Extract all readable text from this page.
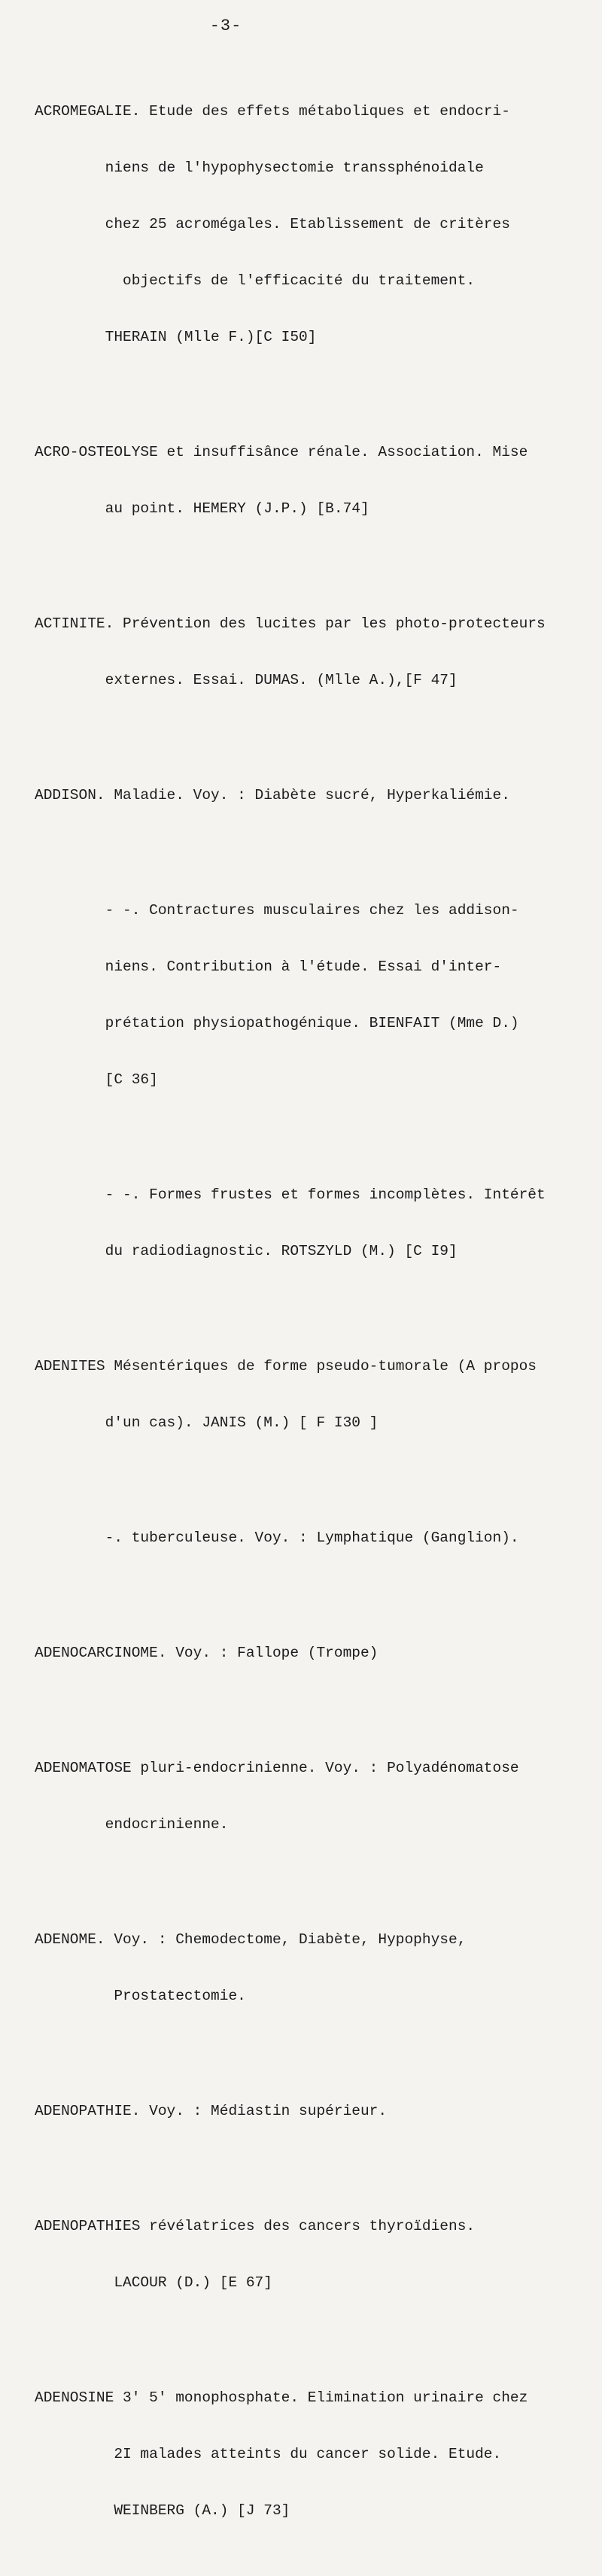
-3-

ACROMEGALIE. Etude des effets métaboliques et endocri-

niens de l'hypophysectomie transsphénoidale

chez 25 acromégales. Etablissement de critères

objectifs de l'efficacité du traitement.

THERAIN (Mlle F.)[C I50]

ACRO-OSTEOLYSE et insuffisânce rénale. Association. Mise

au point. HEMERY (J.P.) [B.74]

ACTINITE. Prévention des lucites par les photo-protecteurs

externes. Essai. DUMAS. (Mlle A.),[F 47]

ADDISON. Maladie. Voy. : Diabète sucré, Hyperkaliémie.

- -. Contractures musculaires chez les addison-

niens. Contribution à l'étude. Essai d'inter-

prétation physiopathogénique. BIENFAIT (Mme D.)

[C 36]

- -. Formes frustes et formes incomplètes. Intérêt

du radiodiagnostic. ROTSZYLD (M.) [C I9]

ADENITES Mésentériques de forme pseudo-tumorale (A propos

d'un cas). JANIS (M.) [ F I30 ]

-. tuberculeuse. Voy. : Lymphatique (Ganglion).

ADENOCARCINOME. Voy. : Fallope (Trompe)

ADENOMATOSE pluri-endocrinienne. Voy. : Polyadénomatose

endocrinienne.

ADENOME. Voy. : Chemodectome, Diabète, Hypophyse,

Prostatectomie.

ADENOPATHIE. Voy. : Médiastin supérieur.

ADENOPATHIES révélatrices des cancers thyroïdiens.

LACOUR (D.) [E 67]

ADENOSINE 3' 5' monophosphate. Elimination urinaire chez

2I malades atteints du cancer solide. Etude.

WEINBERG (A.) [J 73]
